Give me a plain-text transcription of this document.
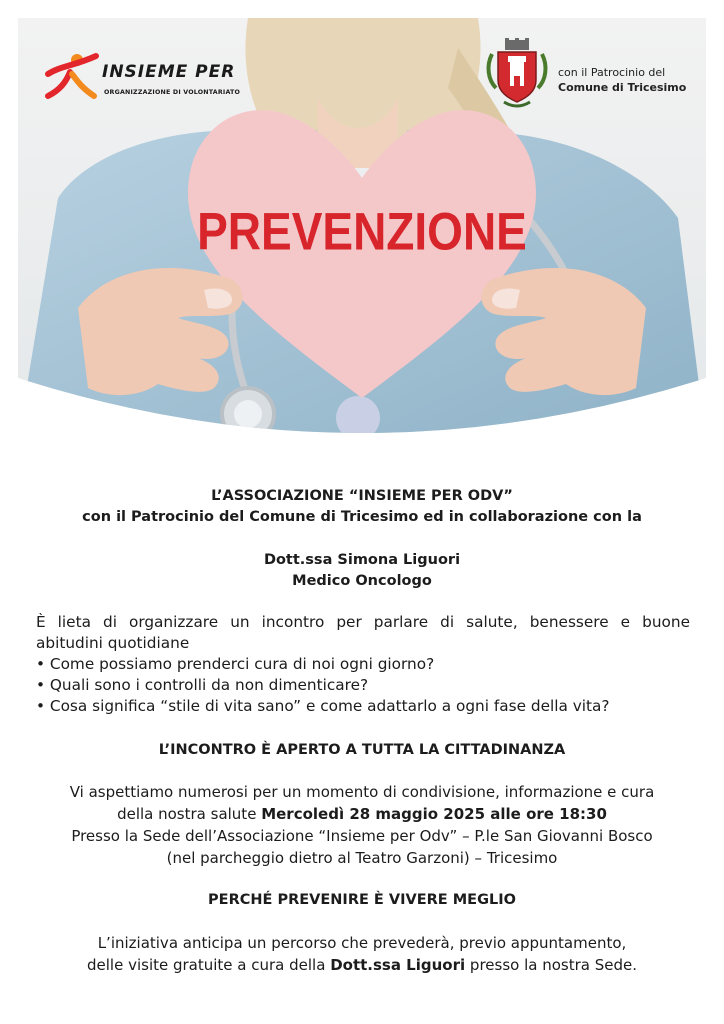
PREVENZIONE
INSIEME PER
ORGANIZZAZIONE DI VOLONTARIATO
con il Patrocinio del
Comune di Tricesimo
L’ASSOCIAZIONE “INSIEME PER ODV”
con il Patrocinio del Comune di Tricesimo ed in collaborazione con la
Dott.ssa Simona Liguori
Medico Oncologo
È lieta di organizzare un incontro per parlare di salute, benessere e buone
abitudini quotidiane
• Come possiamo prenderci cura di noi ogni giorno?
• Quali sono i controlli da non dimenticare?
• Cosa significa “stile di vita sano” e come adattarlo a ogni fase della vita?
L’INCONTRO È APERTO A TUTTA LA CITTADINANZA
Vi aspettiamo numerosi per un momento di condivisione, informazione e cura
della nostra salute Mercoledì 28 maggio 2025 alle ore 18:30
Presso la Sede dell’Associazione “Insieme per Odv” – P.le San Giovanni Bosco
(nel parcheggio dietro al Teatro Garzoni) – Tricesimo
PERCHÉ PREVENIRE È VIVERE MEGLIO
L’iniziativa anticipa un percorso che prevederà, previo appuntamento,
delle visite gratuite a cura della Dott.ssa Liguori presso la nostra Sede.
